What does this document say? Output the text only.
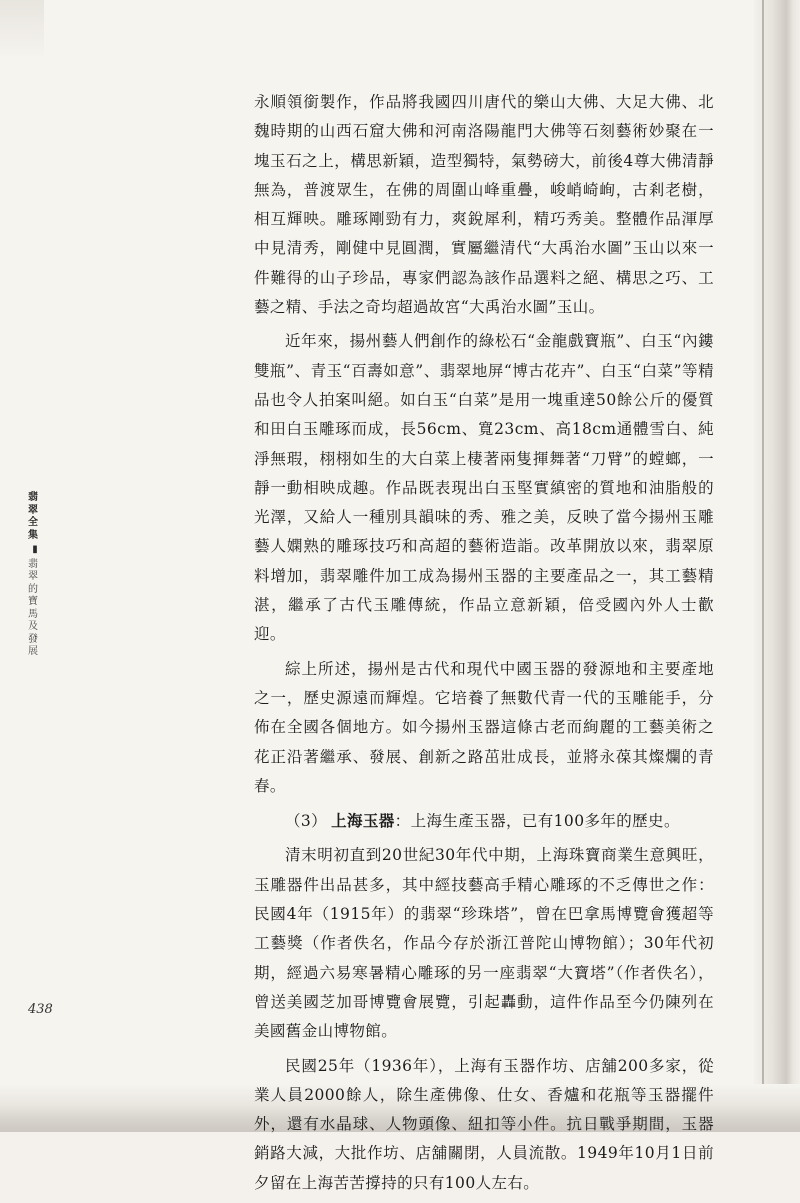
翡翠全集
▮
翡翠的寶馬及發展

永順領銜製作，作品將我國四川唐代的樂山大佛、大足大佛、北魏時期的山西石窟大佛和河南洛陽龍門大佛等石刻藝術妙聚在一塊玉石之上，構思新穎，造型獨特，氣勢磅大，前後4尊大佛清靜無為，普渡眾生，在佛的周圍山峰重疊，峻峭崎峋，古剎老樹，相互輝映。雕琢剛勁有力，爽銳犀利，精巧秀美。整體作品渾厚中見清秀，剛健中見圓潤，實屬繼清代“大禹治水圖”玉山以來一件難得的山子珍品，專家們認為該作品選料之絕、構思之巧、工藝之精、手法之奇均超過故宮“大禹治水圖”玉山。

近年來，揚州藝人們創作的綠松石“金龍戲寶瓶”、白玉“內鏤雙瓶”、青玉“百壽如意”、翡翠地屏“博古花卉”、白玉“白菜”等精品也令人拍案叫絕。如白玉“白菜”是用一塊重達50餘公斤的優質和田白玉雕琢而成，長56cm、寬23cm、高18cm通體雪白、純淨無瑕，栩栩如生的大白菜上棲著兩隻揮舞著“刀臂”的螳螂，一靜一動相映成趣。作品既表現出白玉堅實縝密的質地和油脂般的光澤，又給人一種別具韻味的秀、雅之美，反映了當今揚州玉雕藝人嫻熟的雕琢技巧和高超的藝術造詣。改革開放以來，翡翠原料增加，翡翠雕件加工成為揚州玉器的主要產品之一，其工藝精湛，繼承了古代玉雕傳統，作品立意新穎，倍受國內外人士歡迎。

綜上所述，揚州是古代和現代中國玉器的發源地和主要產地之一，歷史源遠而輝煌。它培養了無數代青一代的玉雕能手，分佈在全國各個地方。如今揚州玉器這條古老而絢麗的工藝美術之花正沿著繼承、發展、創新之路茁壯成長，並將永葆其燦爛的青春。

（3） 上海玉器：上海生產玉器，已有100多年的歷史。

清末明初直到20世紀30年代中期，上海珠寶商業生意興旺，玉雕器件出品甚多，其中經技藝高手精心雕琢的不乏傳世之作：民國4年（1915年）的翡翠“珍珠塔”，曾在巴拿馬博覽會獲超等工藝獎（作者佚名，作品今存於浙江普陀山博物館）；30年代初期，經過六易寒暑精心雕琢的另一座翡翠“大寶塔”（作者佚名），曾送美國芝加哥博覽會展覽，引起轟動，這件作品至今仍陳列在美國舊金山博物館。

民國25年（1936年），上海有玉器作坊、店舖200多家，從業人員2000餘人，除生產佛像、仕女、香爐和花瓶等玉器擺件外，還有水晶球、人物頭像、紐扣等小件。抗日戰爭期間，玉器銷路大減，大批作坊、店舖關閉，人員流散。1949年10月1日前夕留在上海苦苦撐持的只有100人左右。

438
